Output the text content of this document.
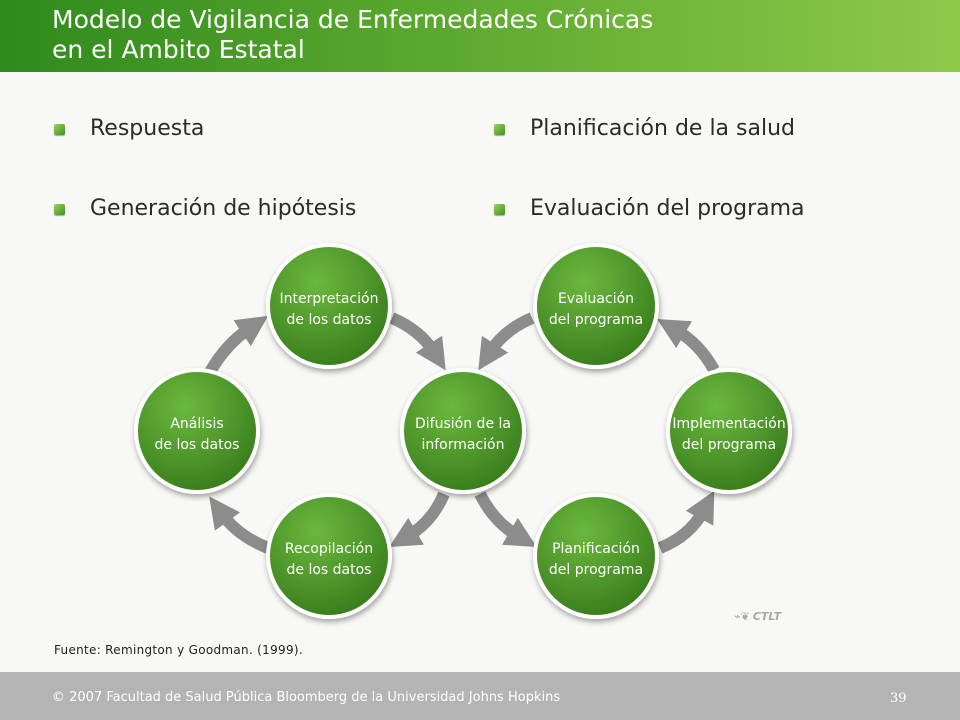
Modelo de Vigilancia de Enfermedades Crónicas
en el Ambito Estatal
Respuesta
Generación de hipótesis
Planificación de la salud
Evaluación del programa
Interpretación
de los datos
Análisis
de los datos
Recopilación
de los datos
Difusión de la
información
Evaluación
del programa
Implementación
del programa
Planificación
del programa
⌁❦ CTLT
Fuente: Remington y Goodman. (1999).
© 2007 Facultad de Salud Pública Bloomberg de la Universidad Johns Hopkins	39
